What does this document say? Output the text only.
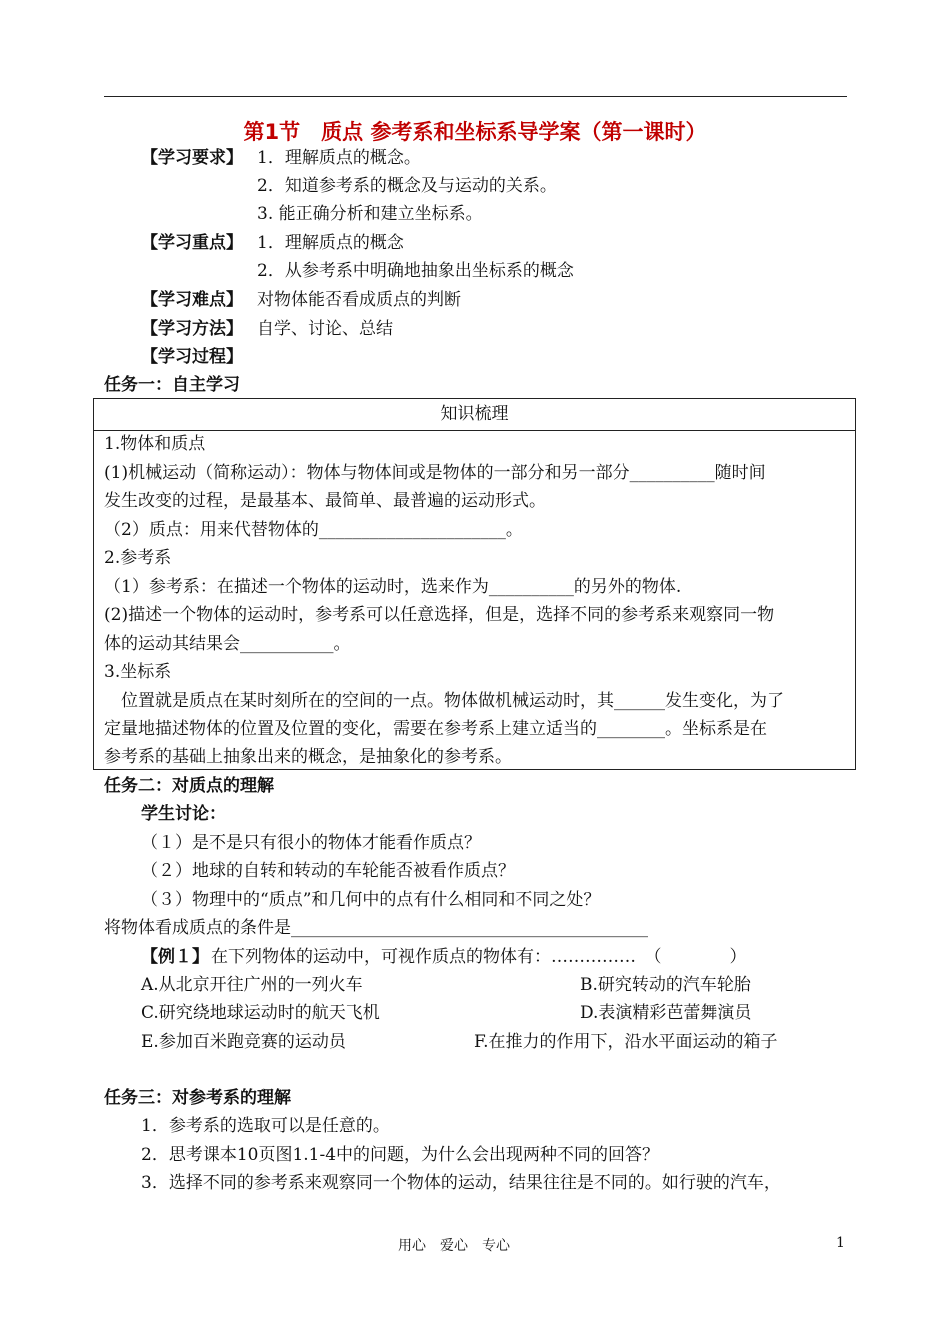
第1节　质点 参考系和坐标系导学案（第一课时）
【学习要求】 1．理解质点的概念。
2．知道参考系的概念及与运动的关系。
3. 能正确分析和建立坐标系。
【学习重点】 1．理解质点的概念
2．从参考系中明确地抽象出坐标系的概念
【学习难点】 对物体能否看成质点的判断
【学习方法】 自学、讨论、总结
【学习过程】
任务一：自主学习
知识梳理
1.物体和质点
(1)机械运动（简称运动）：物体与物体间或是物体的一部分和另一部分__________随时间
发生改变的过程，是最基本、最简单、最普遍的运动形式。
（2）质点：用来代替物体的______________________。
2.参考系
（1）参考系：在描述一个物体的运动时，选来作为__________的另外的物体.
(2)描述一个物体的运动时，参考系可以任意选择，但是，选择不同的参考系来观察同一物
体的运动其结果会___________。
3.坐标系
　位置就是质点在某时刻所在的空间的一点。物体做机械运动时，其______发生变化，为了
定量地描述物体的位置及位置的变化，需要在参考系上建立适当的________。坐标系是在
参考系的基础上抽象出来的概念，是抽象化的参考系。
任务二：对质点的理解
学生讨论：
（１）是不是只有很小的物体才能看作质点？
（２）地球的自转和转动的车轮能否被看作质点？
（３）物理中的“质点”和几何中的点有什么相同和不同之处？
将物体看成质点的条件是__________________________________________
【例１】 在下列物体的运动中，可视作质点的物体有：……………　（　　　　）
A.从北京开往广州的一列火车	B.研究转动的汽车轮胎
C.研究绕地球运动时的航天飞机	D.表演精彩芭蕾舞演员
E.参加百米跑竞赛的运动员	F.在推力的作用下，沿水平面运动的箱子
任务三：对参考系的理解
1．参考系的选取可以是任意的。
2．思考课本10页图1.1-4中的问题，为什么会出现两种不同的回答？
3．选择不同的参考系来观察同一个物体的运动，结果往往是不同的。如行驶的汽车，
用心　爱心　专心	1
